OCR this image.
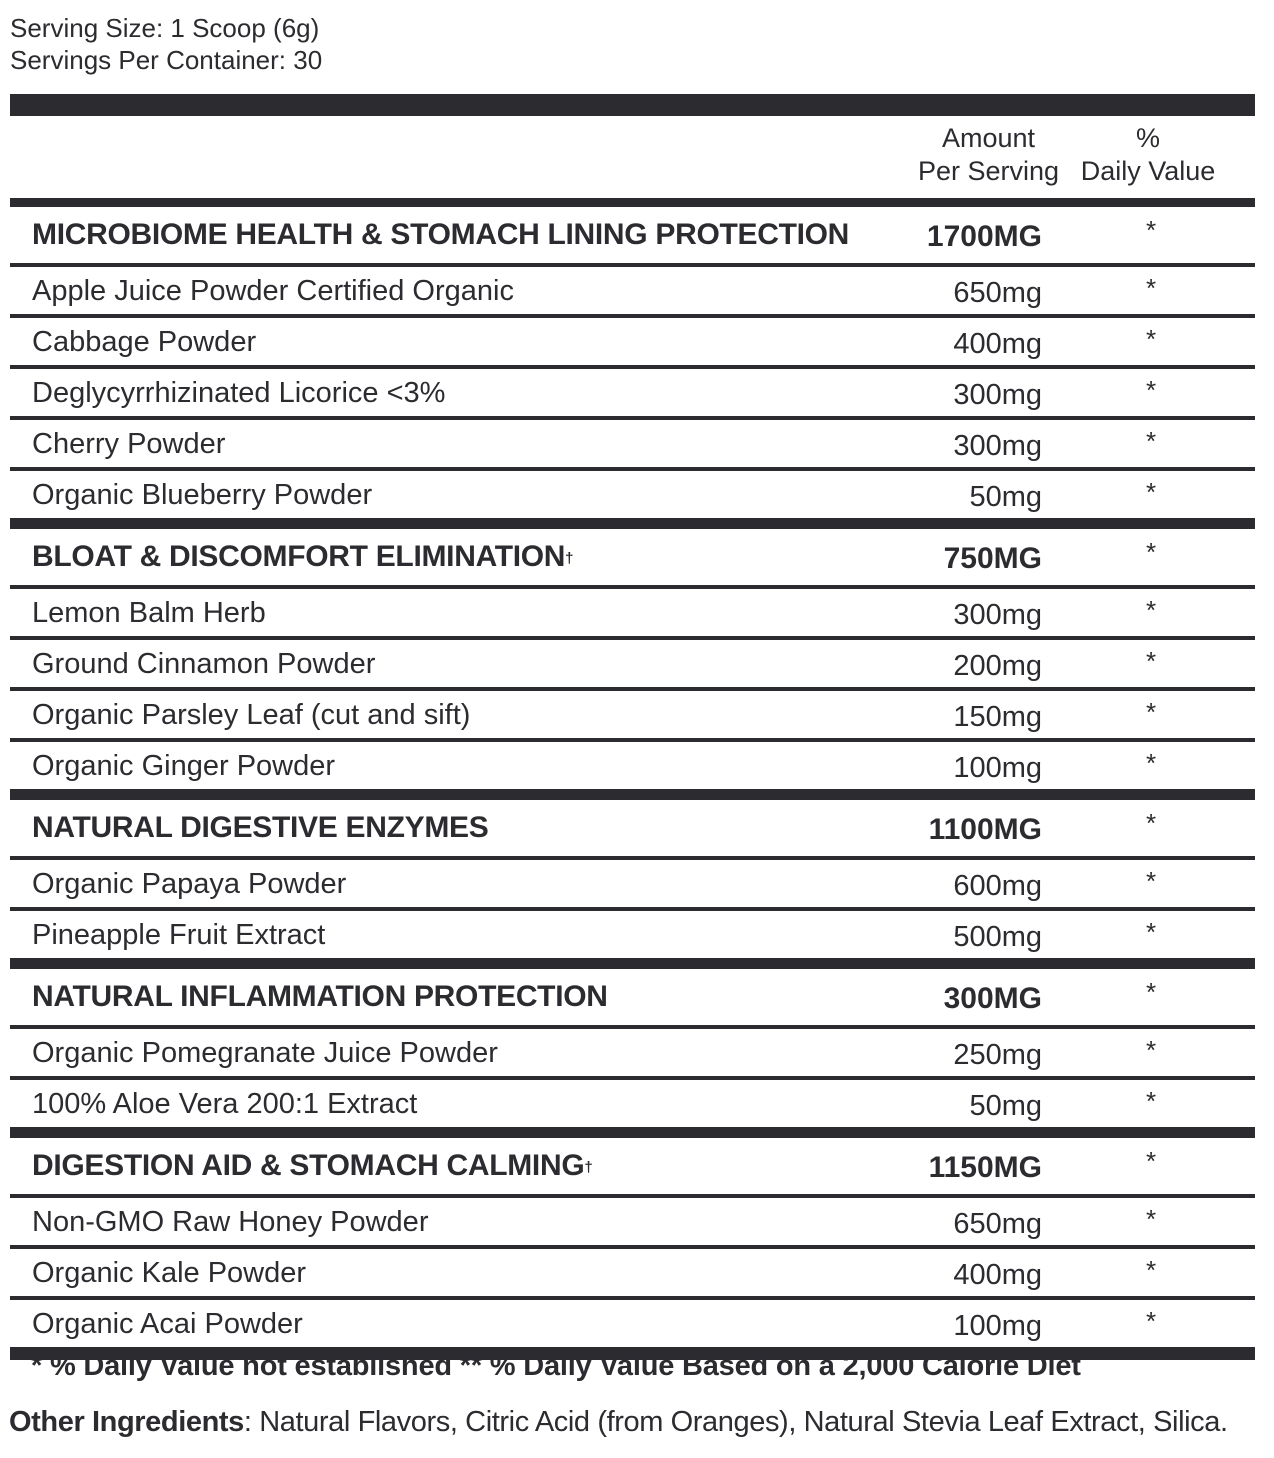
Serving Size: 1 Scoop (6g)
Servings Per Container: 30
Amount
Per Serving
%
Daily Value
MICROBIOME HEALTH & STOMACH LINING PROTECTION	1700MG	*
Apple Juice Powder Certified Organic	650mg	*
Cabbage Powder	400mg	*
Deglycyrrhizinated Licorice <3%	300mg	*
Cherry Powder	300mg	*
Organic Blueberry Powder	50mg	*
BLOAT & DISCOMFORT ELIMINATION†	750MG	*
Lemon Balm Herb	300mg	*
Ground Cinnamon Powder	200mg	*
Organic Parsley Leaf (cut and sift)	150mg	*
Organic Ginger Powder	100mg	*
NATURAL DIGESTIVE ENZYMES	1100MG	*
Organic Papaya Powder	600mg	*
Pineapple Fruit Extract	500mg	*
NATURAL INFLAMMATION PROTECTION	300MG	*
Organic Pomegranate Juice Powder	250mg	*
100% Aloe Vera 200:1 Extract	50mg	*
DIGESTION AID & STOMACH CALMING†	1150MG	*
Non-GMO Raw Honey Powder	650mg	*
Organic Kale Powder	400mg	*
Organic Acai Powder	100mg	*
* % Daily Value not established ** % Daily Value Based on a 2,000 Calorie Diet
Other Ingredients: Natural Flavors, Citric Acid (from Oranges), Natural Stevia Leaf Extract, Silica.
